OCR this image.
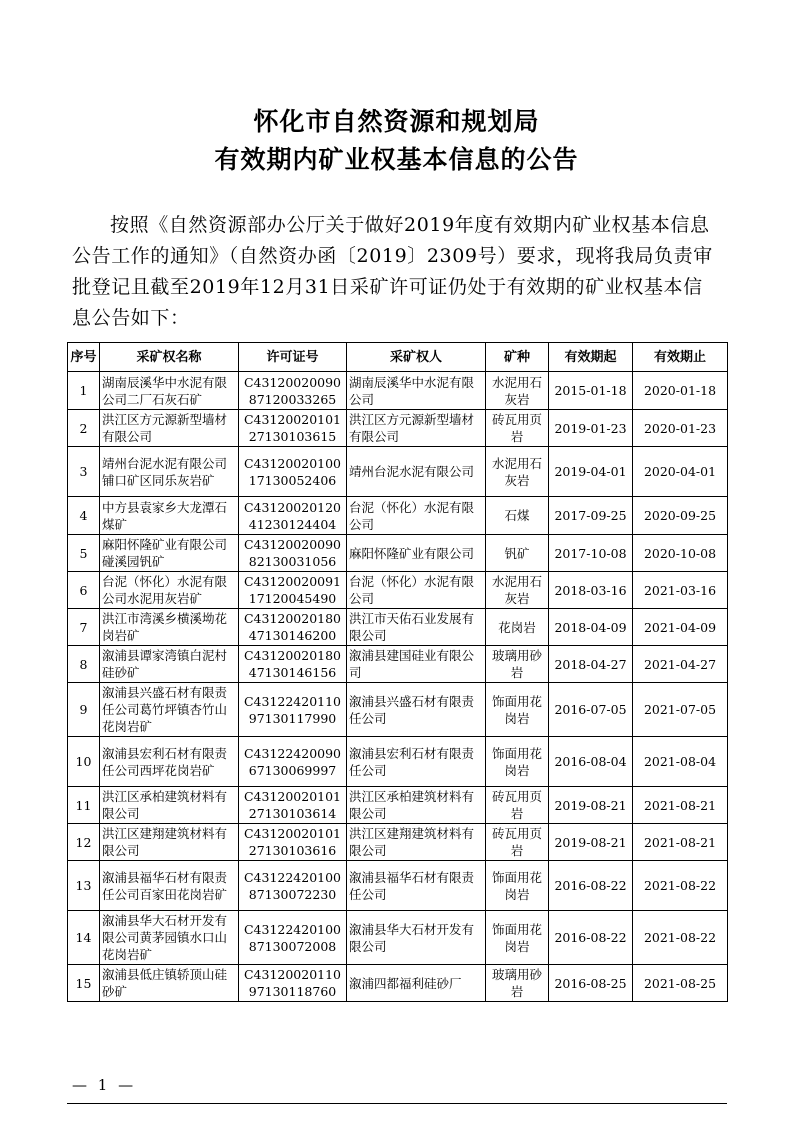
怀化市自然资源和规划局
有效期内矿业权基本信息的公告
按照《自然资源部办公厅关于做好2019年度有效期内矿业权基本信息公告工作的通知》（自然资办函〔2019〕2309号）要求，现将我局负责审批登记且截至2019年12月31日采矿许可证仍处于有效期的矿业权基本信息公告如下：
序号	采矿权名称	许可证号	采矿权人	矿种	有效期起	有效期止
1	湖南辰溪华中水泥有限公司二厂石灰石矿	C4312002009087120033265	湖南辰溪华中水泥有限公司	水泥用石灰岩	2015-01-18	2020-01-18
2	洪江区方元源新型墙材有限公司	C4312002010127130103615	洪江区方元源新型墙材有限公司	砖瓦用页岩	2019-01-23	2020-01-23
3	靖州台泥水泥有限公司铺口矿区同乐灰岩矿	C4312002010017130052406	靖州台泥水泥有限公司	水泥用石灰岩	2019-04-01	2020-04-01
4	中方县袁家乡大龙潭石煤矿	C4312002012041230124404	台泥（怀化）水泥有限公司	石煤	2017-09-25	2020-09-25
5	麻阳怀隆矿业有限公司碰溪园钒矿	C4312002009082130031056	麻阳怀隆矿业有限公司	钒矿	2017-10-08	2020-10-08
6	台泥（怀化）水泥有限公司水泥用灰岩矿	C4312002009117120045490	台泥（怀化）水泥有限公司	水泥用石灰岩	2018-03-16	2021-03-16
7	洪江市湾溪乡横溪坳花岗岩矿	C4312002018047130146200	洪江市天佑石业发展有限公司	花岗岩	2018-04-09	2021-04-09
8	溆浦县谭家湾镇白泥村硅砂矿	C4312002018047130146156	溆浦县建国硅业有限公司	玻璃用砂岩	2018-04-27	2021-04-27
9	溆浦县兴盛石材有限责任公司葛竹坪镇杏竹山花岗岩矿	C4312242011097130117990	溆浦县兴盛石材有限责任公司	饰面用花岗岩	2016-07-05	2021-07-05
10	溆浦县宏利石材有限责任公司西坪花岗岩矿	C4312242009067130069997	溆浦县宏利石材有限责任公司	饰面用花岗岩	2016-08-04	2021-08-04
11	洪江区承柏建筑材料有限公司	C4312002010127130103614	洪江区承柏建筑材料有限公司	砖瓦用页岩	2019-08-21	2021-08-21
12	洪江区建翔建筑材料有限公司	C4312002010127130103616	洪江区建翔建筑材料有限公司	砖瓦用页岩	2019-08-21	2021-08-21
13	溆浦县福华石材有限责任公司百家田花岗岩矿	C4312242010087130072230	溆浦县福华石材有限责任公司	饰面用花岗岩	2016-08-22	2021-08-22
14	溆浦县华大石材开发有限公司黄茅园镇水口山花岗岩矿	C4312242010087130072008	溆浦县华大石材开发有限公司	饰面用花岗岩	2016-08-22	2021-08-22
15	溆浦县低庄镇轿顶山硅砂矿	C4312002011097130118760	溆浦四都福利硅砂厂	玻璃用砂岩	2016-08-25	2021-08-25
— 1 —
